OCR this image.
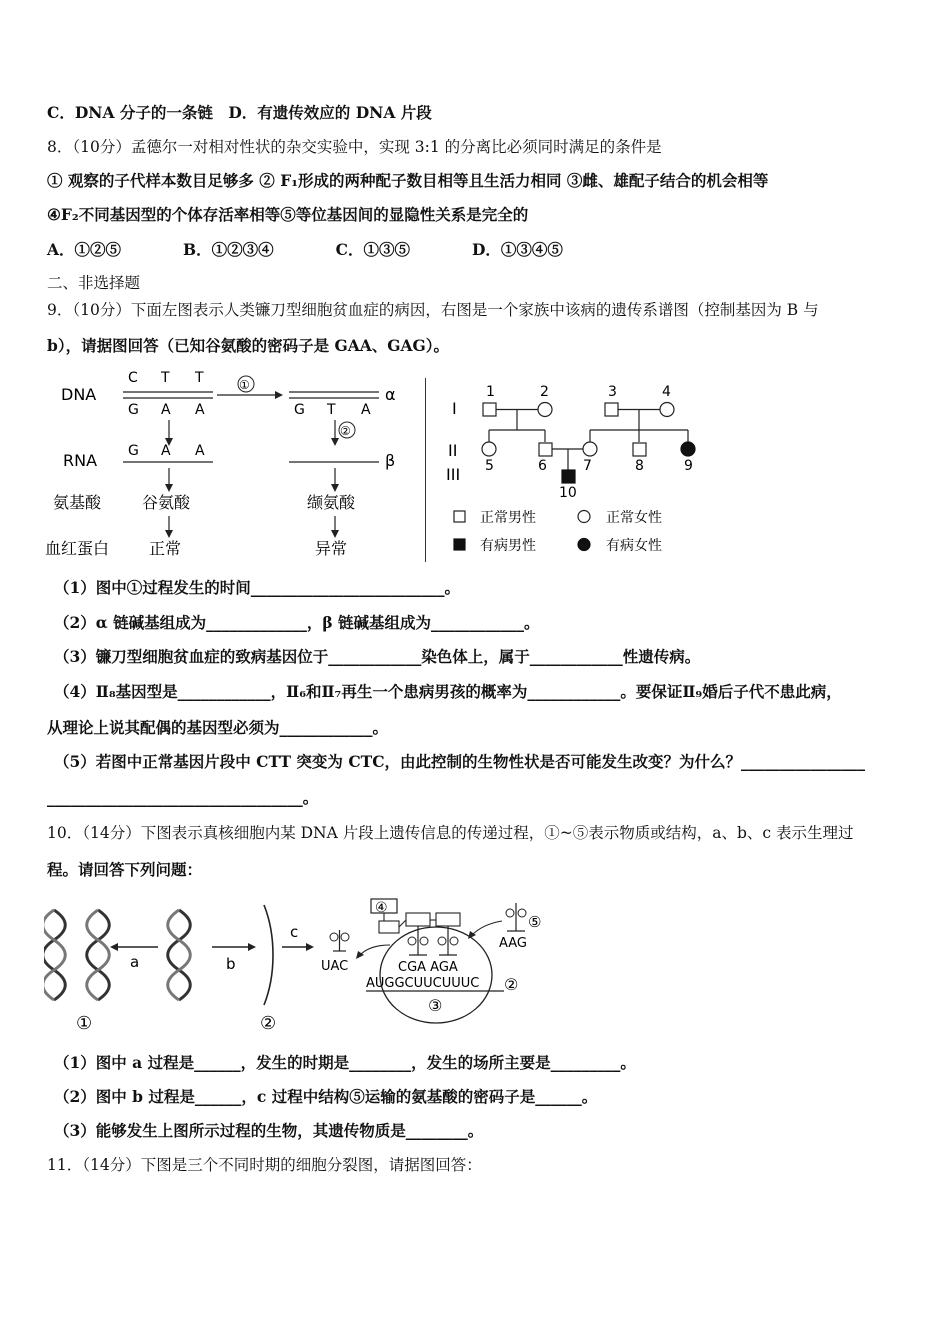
C．DNA 分子的一条链　D．有遗传效应的 DNA 片段
8．（10分）孟德尔一对相对性状的杂交实验中，实现 3:1 的分离比必须同时满足的条件是
① 观察的子代样本数目足够多 ② F₁形成的两种配子数目相等且生活力相同 ③雌、雄配子结合的机会相等
④F₂不同基因型的个体存活率相等⑤等位基因间的显隐性关系是完全的
A．①②⑤　　　　B．①②③④　　　　C．①③⑤　　　　D．①③④⑤
二、非选择题
9．（10分）下面左图表示人类镰刀型细胞贫血症的病因，右图是一个家族中该病的遗传系谱图（控制基因为 B 与
b），请据图回答（已知谷氨酸的密码子是 GAA、GAG）。
DNA
RNA
氨基酸
血红蛋白
C T T
G A A
①
G T A
α
②
G A A	β
谷氨酸	缬氨酸
正常	异常
I
II
III
1	2	3	4
5	6	7	8	9
10
正常男性	正常女性
有病男性	有病女性
（1）图中①过程发生的时间_________________________。
（2）α 链碱基组成为_____________，β 链碱基组成为____________。
（3）镰刀型细胞贫血症的致病基因位于____________染色体上，属于____________性遗传病。
（4）Ⅱ₈基因型是____________，Ⅱ₆和Ⅱ₇再生一个患病男孩的概率为____________。要保证Ⅱ₉婚后子代不患此病，
从理论上说其配偶的基因型必须为____________。
（5）若图中正常基因片段中 CTT 突变为 CTC，由此控制的生物性状是否可能发生改变？为什么？________________
_________________________________。
10．（14分）下图表示真核细胞内某 DNA 片段上遗传信息的传递过程，①~⑤表示物质或结构，a、b、c 表示生理过
程。请回答下列问题：
①
a	b
②
c
UAC
③
④
CGA AGA
AUGGCUUCUUUC ②
⑤
AAG
（1）图中 a 过程是______，发生的时期是________，发生的场所主要是_________。
（2）图中 b 过程是______，c 过程中结构⑤运输的氨基酸的密码子是______。
（3）能够发生上图所示过程的生物，其遗传物质是________。
11．（14分）下图是三个不同时期的细胞分裂图，请据图回答：
